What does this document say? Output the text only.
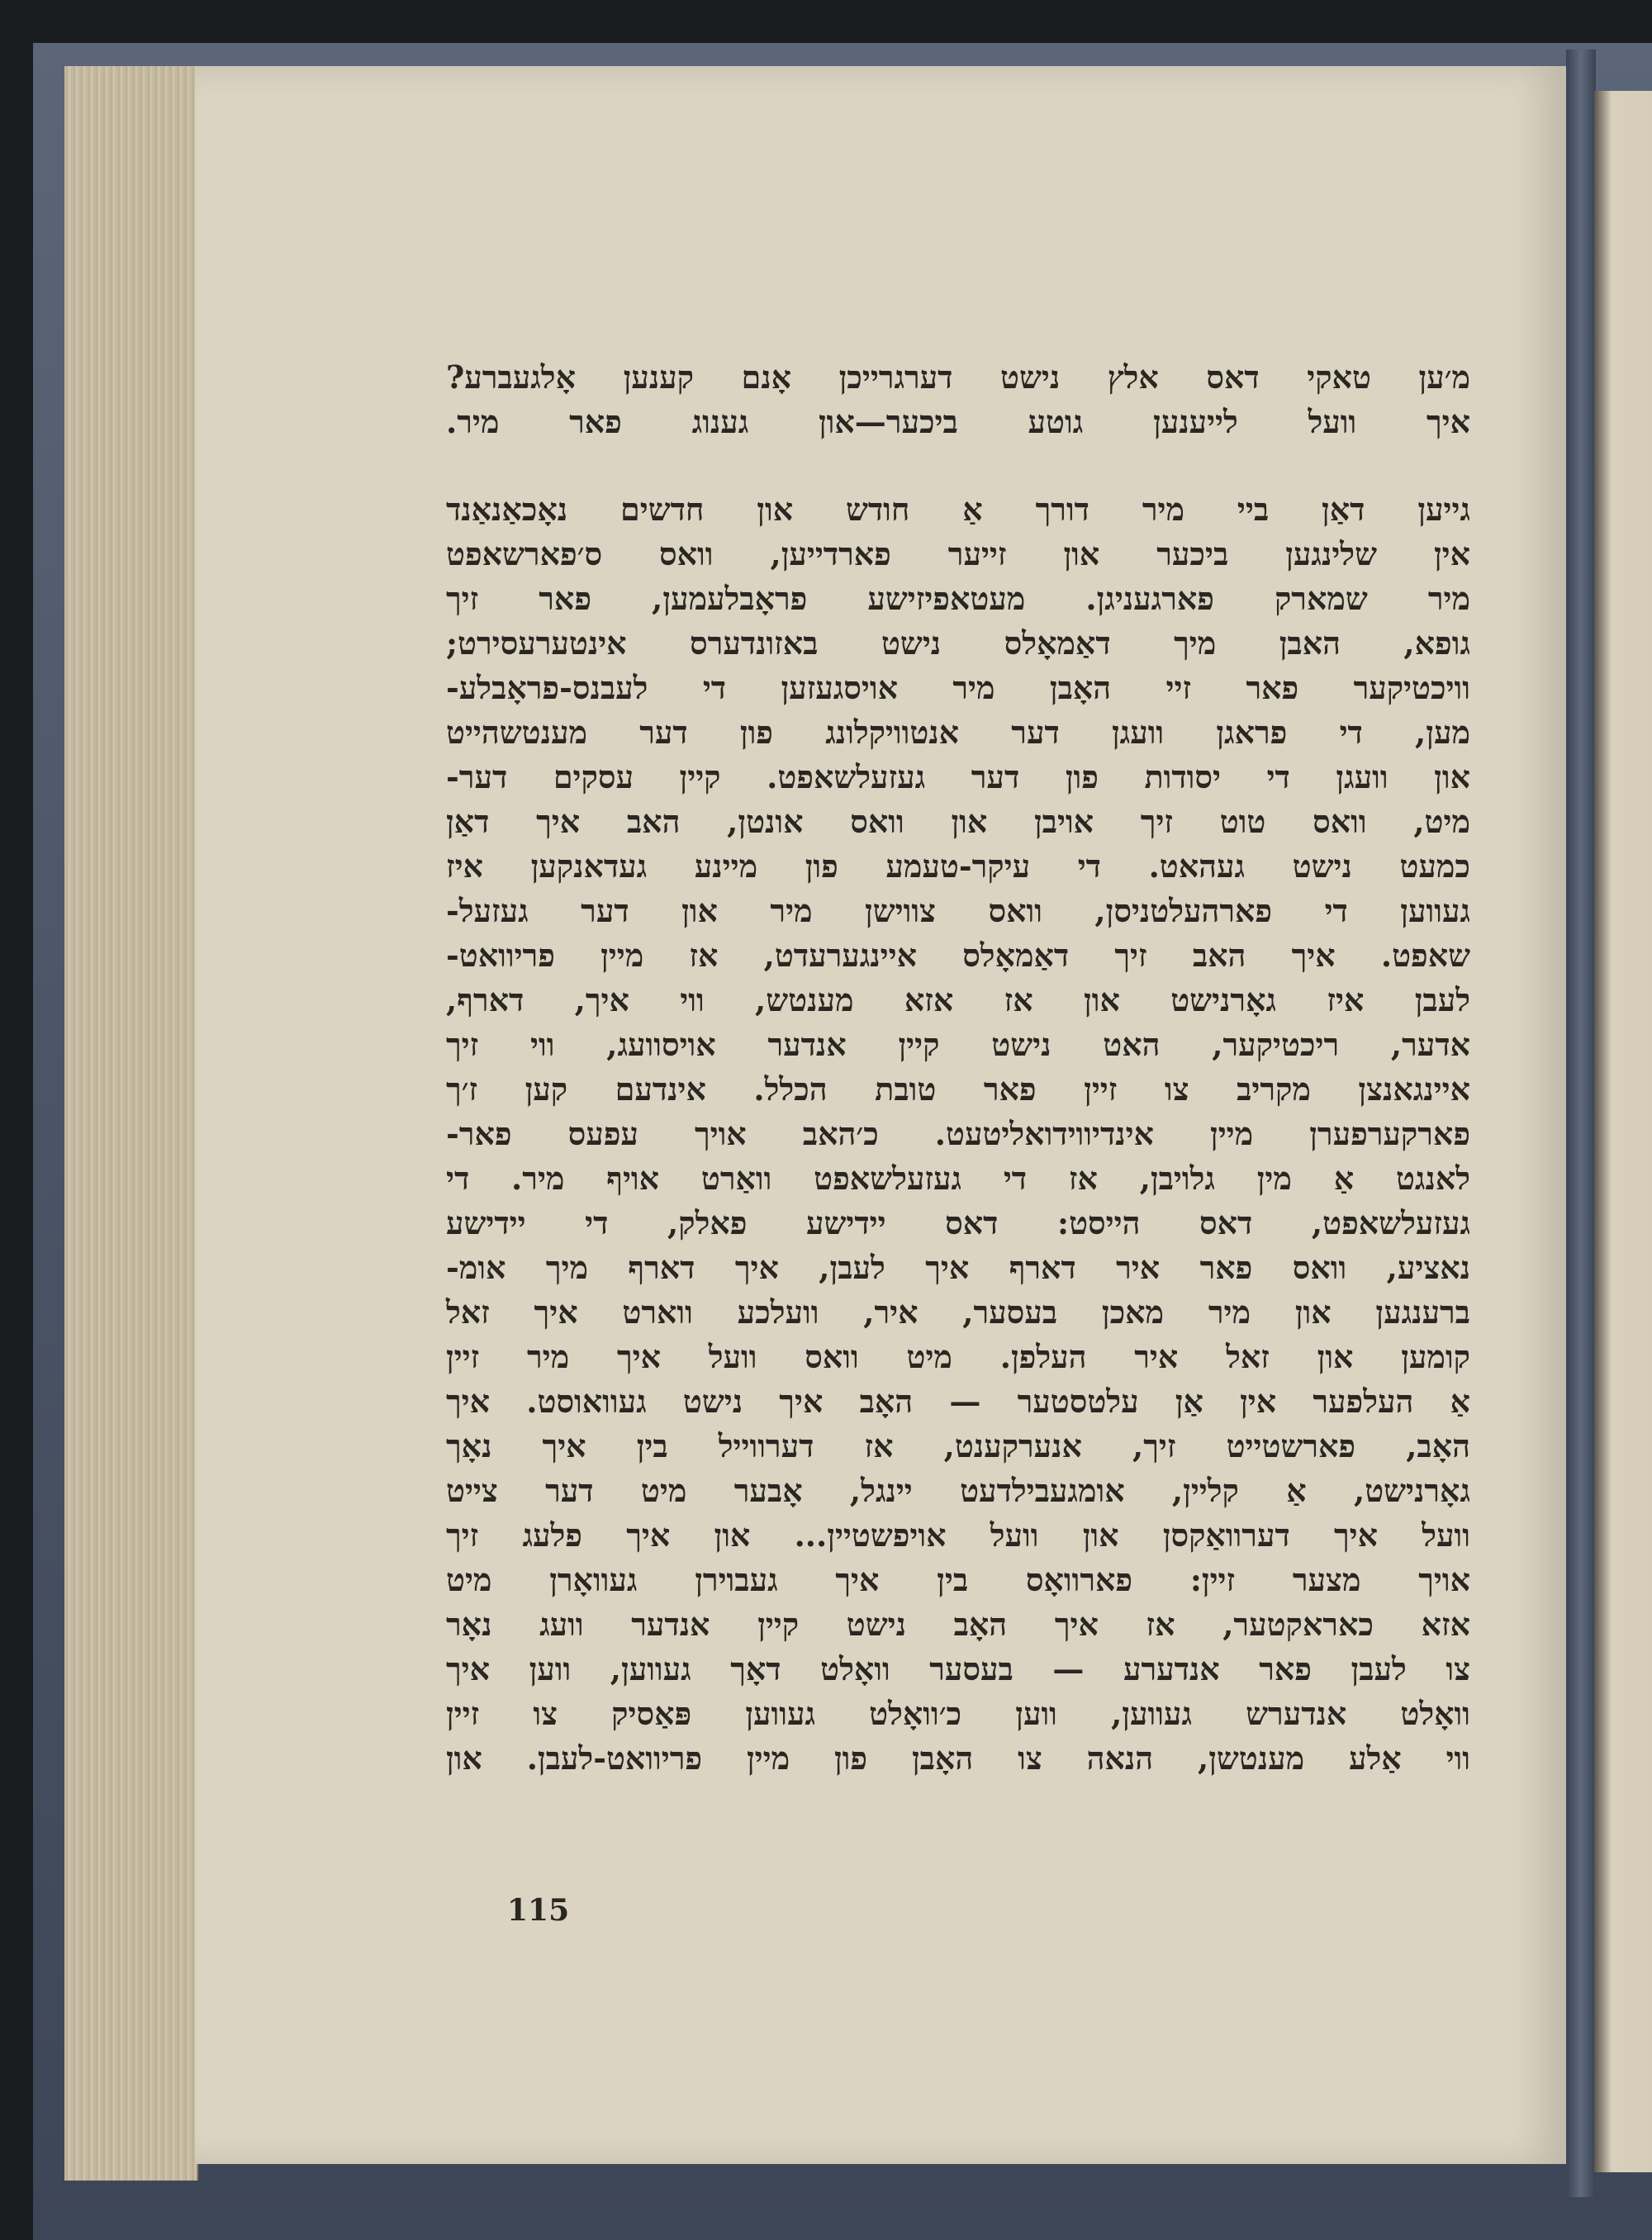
מ׳ען טאקי דאס אלץ נישט דערגרייכן אָנם קענען אָלגעברע?
איך וועל לייענען גוטע ביכער—און גענוג פאר מיר.
גייען דאַן ביי מיר דורך אַ חודש און חדשים נאָכאַנאַנד
אין שלינגען ביכער און זייער פארדייען, וואס ס׳פארשאפט
מיר שמארק פארגעניגן. מעטאפיזישע פראָבלעמען, פאר זיך
גופא, האבן מיך דאַמאָלס נישט באזונדערס אינטערעסירט;
וויכטיקער פאר זיי האָבן מיר אויסגעזען די לעבנס-פראָבלע-
מען, די פראגן וועגן דער אנטוויקלונג פון דער מענטשהייט
און וועגן די יסודות פון דער געזעלשאפט. קיין עסקים דער-
מיט, וואס טוט זיך אויבן און וואס אונטן, האב איך דאַן
כמעט נישט געהאט. די עיקר-טעמע פון מיינע געדאנקען איז
געווען די פארהעלטניסן, וואס צווישן מיר און דער געזעל-
שאפט. איך האב זיך דאַמאָלס איינגערעדט, אז מיין פריוואט-
לעבן איז גאָרנישט און אז אזא מענטש, ווי איך, דארף,
אדער, ריכטיקער, האט נישט קיין אנדער אויסוועג, ווי זיך
איינגאנצן מקריב צו זיין פאר טובת הכלל. אינדעם קען ז׳ך
פארקערפערן מיין אינדיווידואליטעט. כ׳האב אויך עפעס פאר-
לאנגט אַ מין גלויבן, אז די געזעלשאפט וואַרט אויף מיר. די
געזעלשאפט, דאס הייסט: דאס יידישע פאלק, די יידישע
נאציע, וואס פאר איר דארף איך לעבן, איך דארף מיך אומ-
ברענגען און מיר מאכן בעסער, איר, וועלכע ווארט איך זאל
קומען און זאל איר העלפן. מיט וואס וועל איך מיר זיין
אַ העלפער אין אַן עלטסטער — האָב איך נישט געוואוסט. איך
האָב, פארשטייט זיך, אנערקענט, אז דערווייל בין איך נאָך
גאָרנישט, אַ קליין, אומגעבילדעט יינגל, אָבער מיט דער צייט
וועל איך דערוואַקסן און וועל אויפשטיין... און איך פלעג זיך
אויך מצער זיין: פארוואָס בין איך געבוירן געוואָרן מיט
אזא כאראקטער, אז איך האָב נישט קיין אנדער וועג נאָר
צו לעבן פאר אנדערע — בעסער וואָלט דאָך געווען, ווען איך
וואָלט אנדערש געווען, ווען כ׳וואָלט געווען פּאַסיק צו זיין
ווי אַלע מענטשן, הנאה צו האָבן פון מיין פריוואט-לעבן. און
115
